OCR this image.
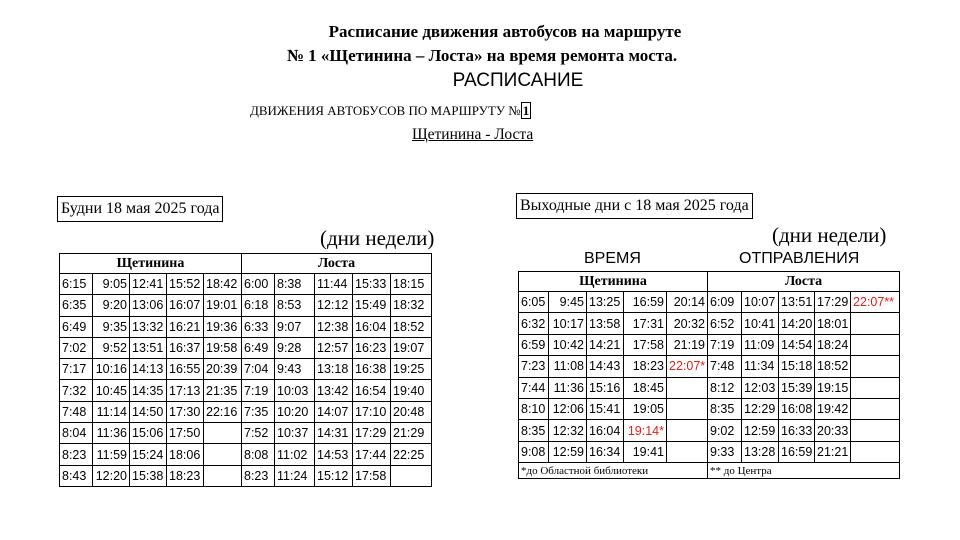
Расписание движения автобусов на маршруте
№ 1 «Щетинина – Лоста» на время ремонта моста.
РАСПИСАНИЕ
ДВИЖЕНИЯ АВТОБУСОВ ПО МАРШРУТУ № 1
Щетинина - Лоста
Будни 18 мая 2025 года
(дни недели)
Щетинина					Лоста				
6:15	9:05	12:41	15:52	18:42	6:00	8:38	11:44	15:33	18:15
6:35	9:20	13:06	16:07	19:01	6:18	8:53	12:12	15:49	18:32
6:49	9:35	13:32	16:21	19:36	6:33	9:07	12:38	16:04	18:52
7:02	9:52	13:51	16:37	19:58	6:49	9:28	12:57	16:23	19:07
7:17	10:16	14:13	16:55	20:39	7:04	9:43	13:18	16:38	19:25
7:32	10:45	14:35	17:13	21:35	7:19	10:03	13:42	16:54	19:40
7:48	11:14	14:50	17:30	22:16	7:35	10:20	14:07	17:10	20:48
8:04	11:36	15:06	17:50		7:52	10:37	14:31	17:29	21:29
8:23	11:59	15:24	18:06		8:08	11:02	14:53	17:44	22:25
8:43	12:20	15:38	18:23		8:23	11:24	15:12	17:58	
Выходные дни с 18 мая 2025 года
(дни недели)
ВРЕМЯ	ОТПРАВЛЕНИЯ
Щетинина					Лоста				
6:05	9:45	13:25	16:59	20:14	6:09	10:07	13:51	17:29	22:07**
6:32	10:17	13:58	17:31	20:32	6:52	10:41	14:20	18:01	
6:59	10:42	14:21	17:58	21:19	7:19	11:09	14:54	18:24	
7:23	11:08	14:43	18:23	22:07*	7:48	11:34	15:18	18:52	
7:44	11:36	15:16	18:45		8:12	12:03	15:39	19:15	
8:10	12:06	15:41	19:05		8:35	12:29	16:08	19:42	
8:35	12:32	16:04	19:14*		9:02	12:59	16:33	20:33	
9:08	12:59	16:34	19:41		9:33	13:28	16:59	21:21	
*до Областной библиотеки					** до Центра				
